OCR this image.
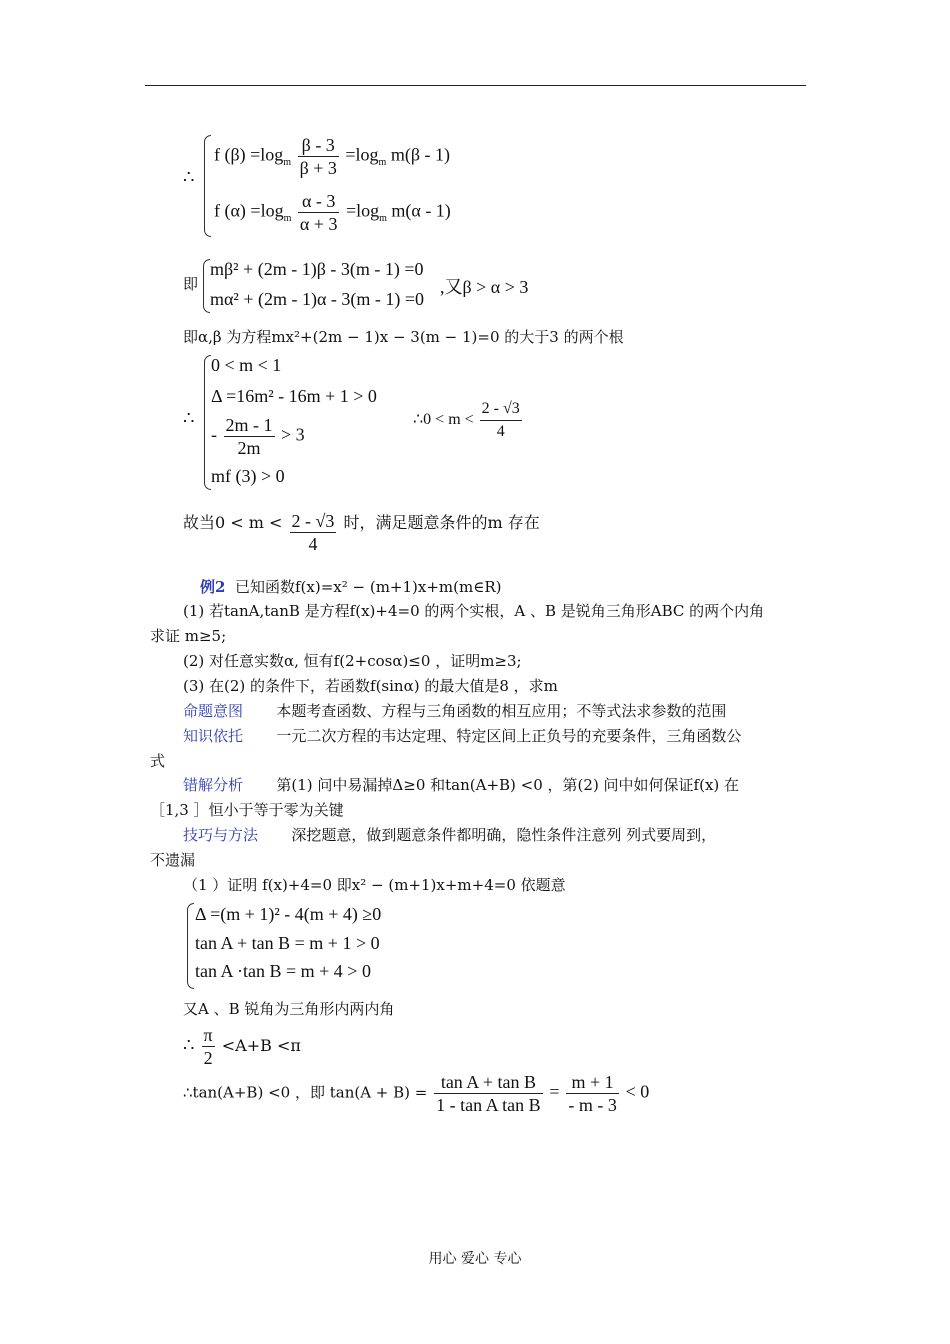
∴
f $(\beta) =\log_m \frac{\beta - 3}{\beta + 3} =\log_m$ m(β - 1)
f $(\alpha) =\log_m \frac{\alpha - 3}{\alpha + 3} =\log_m$ m(α - 1)
即
mβ² + (2m - 1)β - 3(m - 1) =0
mα² + (2m - 1)α - 3(m - 1) =0
,又β > α > 3
即α,β 为方程mx²+(2m − 1)x − 3(m − 1)=0 的大于3 的两个根
∴
0 < m < 1
Δ =16m² - 16m + 1 > 0
- $\frac{2m - 1}{2m} > 3$
mf (3) > 0
∴0 < $m < \frac{2 - √3}{4}$
故当$0 < m < \frac{2 - √3}{4}$ 时，满足题意条件的m 存在
例2 已知函数f(x)=x² − (m+1)x+m(m∈R)
(1) 若tanA,tanB 是方程f(x)+4=0 的两个实根，A 、B 是锐角三角形ABC 的两个内角
求证 m≥5;
(2) 对任意实数α, 恒有f(2+cosα)≤0 ，证明m≥3;
(3) 在(2) 的条件下，若函数f(sinα) 的最大值是8 ，求m
命题意图 本题考查函数、方程与三角函数的相互应用；不等式法求参数的范围
知识依托 一元二次方程的韦达定理、特定区间上正负号的充要条件，三角函数公
式
错解分析 第(1) 问中易漏掉Δ≥0 和tan(A+B) <0 ，第(2) 问中如何保证f(x) 在
［1,3 ］恒小于等于零为关键
技巧与方法 深挖题意，做到题意条件都明确，隐性条件注意列 列式要周到，
不遗漏
（1 ）证明 f(x)+4=0 即x² − (m+1)x+m+4=0 依题意
Δ =(m + 1)² - 4(m + 4) ≥0
tan A + tan B = m + 1 > 0
tan A ·tan B = m + 4 > 0
又A 、B 锐角为三角形内两内角
∴ $\frac{\pi}{2} <A+B <\pi$
∴tan(A+B) <0 ，即 $\tan(A + B) = \frac{\text{tan A + tan B}}{\text{1 - tan A tan B}} = \frac{m + 1}{- m - 3} < 0$
用心 爱心 专心
